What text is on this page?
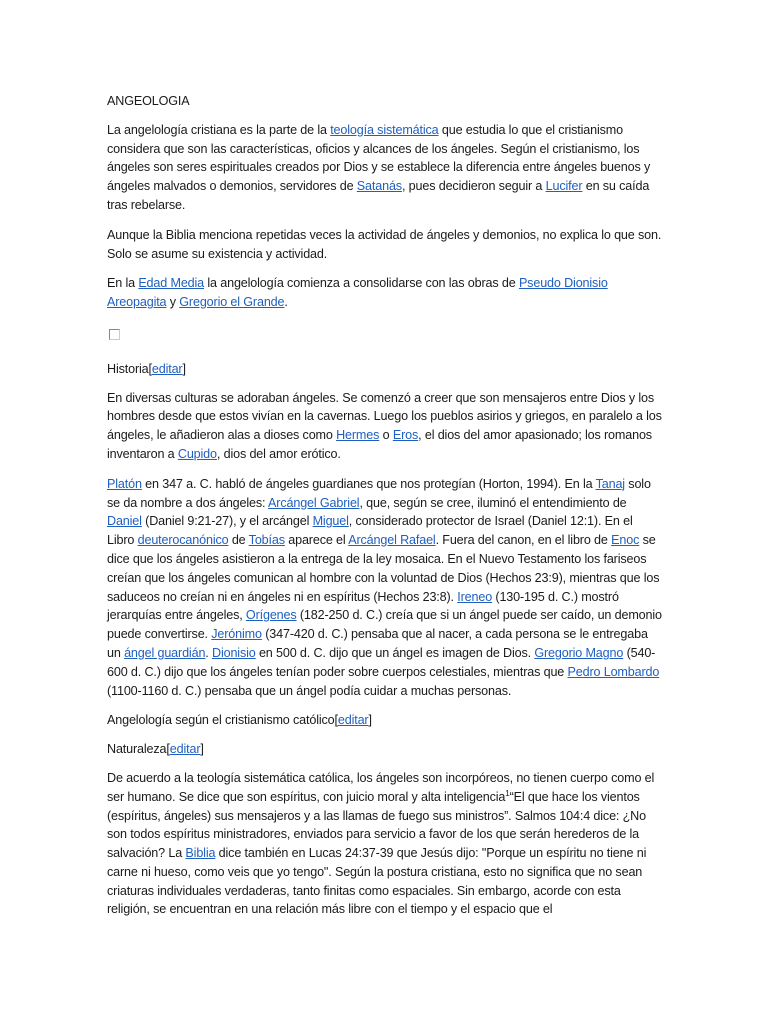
ANGEOLOGIA

La angelología cristiana es la parte de la teología sistemática que estudia lo que el cristianismo considera que son las características, oficios y alcances de los ángeles. Según el cristianismo, los ángeles son seres espirituales creados por Dios y se establece la diferencia entre ángeles buenos y ángeles malvados o demonios, servidores de Satanás, pues decidieron seguir a Lucifer en su caída tras rebelarse.

Aunque la Biblia menciona repetidas veces la actividad de ángeles y demonios, no explica lo que son. Solo se asume su existencia y actividad.

En la Edad Media la angelología comienza a consolidarse con las obras de Pseudo Dionisio Areopagita y Gregorio el Grande.

Historia[editar]

En diversas culturas se adoraban ángeles. Se comenzó a creer que son mensajeros entre Dios y los hombres desde que estos vivían en la cavernas. Luego los pueblos asirios y griegos, en paralelo a los ángeles, le añadieron alas a dioses como Hermes o Eros, el dios del amor apasionado; los romanos inventaron a Cupido, dios del amor erótico.

Platón en 347 a. C. habló de ángeles guardianes que nos protegían (Horton, 1994). En la Tanaj solo se da nombre a dos ángeles: Arcángel Gabriel, que, según se cree, iluminó el entendimiento de Daniel (Daniel 9:21-27), y el arcángel Miguel, considerado protector de Israel (Daniel 12:1). En el Libro deuterocanónico de Tobías aparece el Arcángel Rafael. Fuera del canon, en el libro de Enoc se dice que los ángeles asistieron a la entrega de la ley mosaica. En el Nuevo Testamento los fariseos creían que los ángeles comunican al hombre con la voluntad de Dios (Hechos 23:9), mientras que los saduceos no creían ni en ángeles ni en espíritus (Hechos 23:8). Ireneo (130-195 d. C.) mostró jerarquías entre ángeles, Orígenes (182-250 d. C.) creía que si un ángel puede ser caído, un demonio puede convertirse. Jerónimo (347-420 d. C.) pensaba que al nacer, a cada persona se le entregaba un ángel guardián. Dionisio en 500 d. C. dijo que un ángel es imagen de Dios. Gregorio Magno (540-600 d. C.) dijo que los ángeles tenían poder sobre cuerpos celestiales, mientras que Pedro Lombardo (1100-1160 d. C.) pensaba que un ángel podía cuidar a muchas personas.

Angelología según el cristianismo católico[editar]

Naturaleza[editar]

De acuerdo a la teología sistemática católica, los ángeles son incorpóreos, no tienen cuerpo como el ser humano. Se dice que son espíritus, con juicio moral y alta inteligencia$^1$“El que hace los vientos (espíritus, ángeles) sus mensajeros y a las llamas de fuego sus ministros”. Salmos 104:4 dice: ¿No son todos espíritus ministradores, enviados para servicio a favor de los que serán herederos de la salvación? La Biblia dice también en Lucas 24:37-39 que Jesús dijo: "Porque un espíritu no tiene ni carne ni hueso, como veis que yo tengo". Según la postura cristiana, esto no significa que no sean criaturas individuales verdaderas, tanto finitas como espaciales. Sin embargo, acorde con esta religión, se encuentran en una relación más libre con el tiempo y el espacio que el
